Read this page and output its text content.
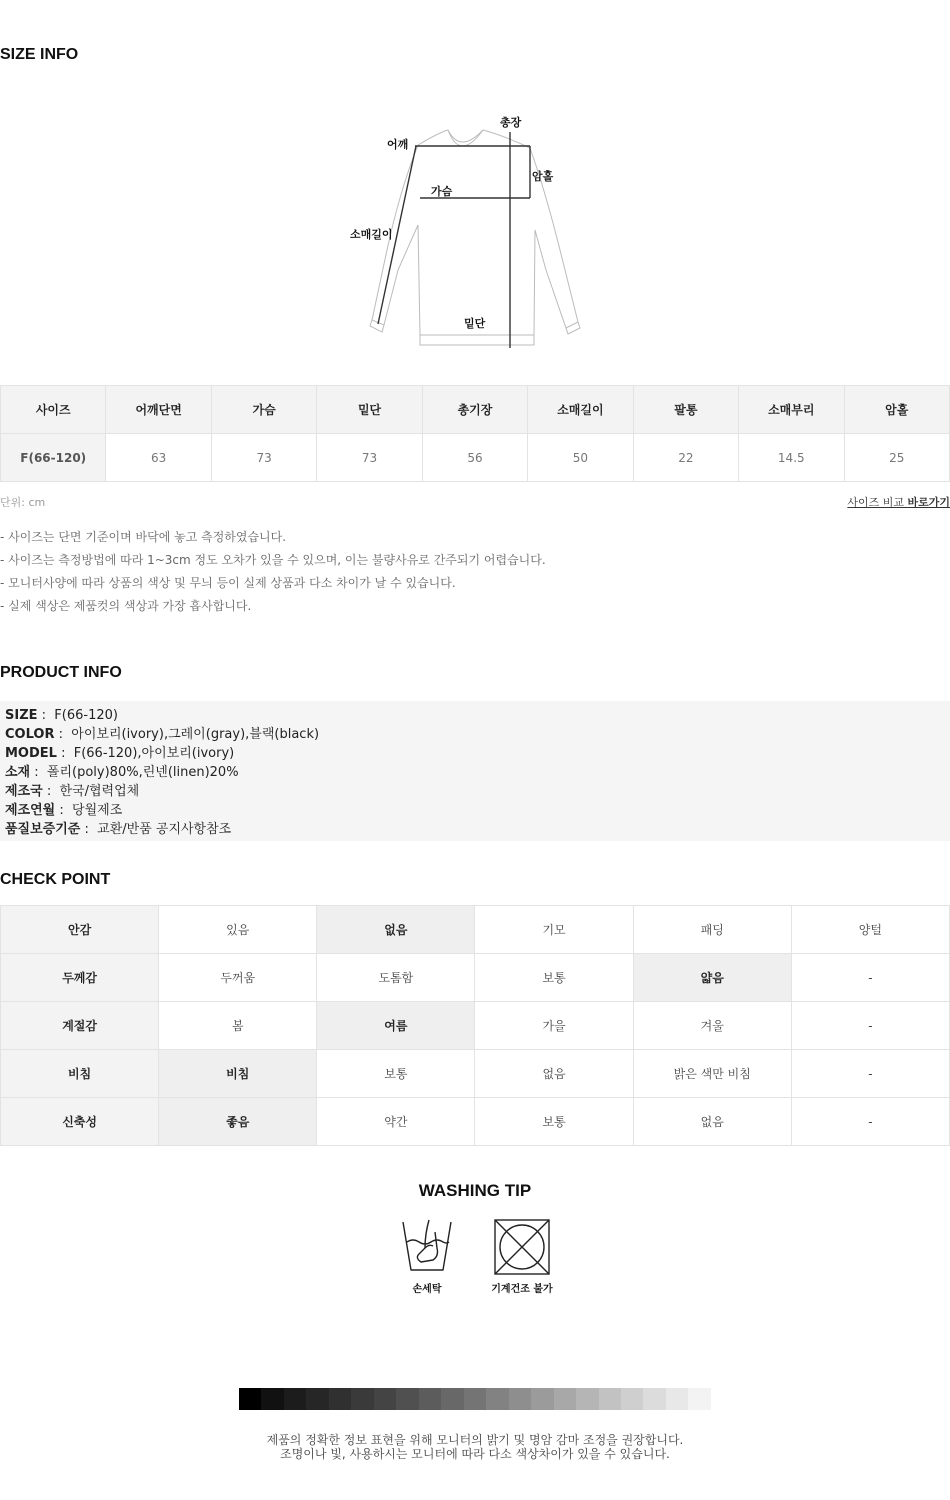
SIZE INFO
총장
어깨
암홀
가슴
소매길이
밑단
사이즈	어깨단면	가슴	밑단	총기장	소매길이	팔통	소매부리	암홀
F(66-120)	63	73	73	56	50	22	14.5	25
단위: cm	사이즈 비교 바로가기
- 사이즈는 단면 기준이며 바닥에 놓고 측정하였습니다.
- 사이즈는 측정방법에 따라 1~3cm 정도 오차가 있을 수 있으며, 이는 불량사유로 간주되기 어렵습니다.
- 모니터사양에 따라 상품의 색상 및 무늬 등이 실제 상품과 다소 차이가 날 수 있습니다.
- 실제 색상은 제품컷의 색상과 가장 흡사합니다.
PRODUCT INFO
SIZE :  F(66-120)
COLOR :  아이보리(ivory),그레이(gray),블랙(black)
MODEL :  F(66-120),아이보리(ivory)
소재 :  폴리(poly)80%,린넨(linen)20%
제조국 :  한국/협력업체
제조연월 :  당월제조
품질보증기준 :  교환/반품 공지사항참조
CHECK POINT
안감	있음	없음	기모	패딩	양털
두께감	두꺼움	도톰함	보통	얇음	-
계절감	봄	여름	가을	겨울	-
비침	비침	보통	없음	밝은 색만 비침	-
신축성	좋음	약간	보통	없음	-
WASHING TIP
손세탁	기계건조 불가
제품의 정확한 정보 표현을 위해 모니터의 밝기 및 명암 감마 조정을 권장합니다.
조명이나 빛, 사용하시는 모니터에 따라 다소 색상차이가 있을 수 있습니다.
